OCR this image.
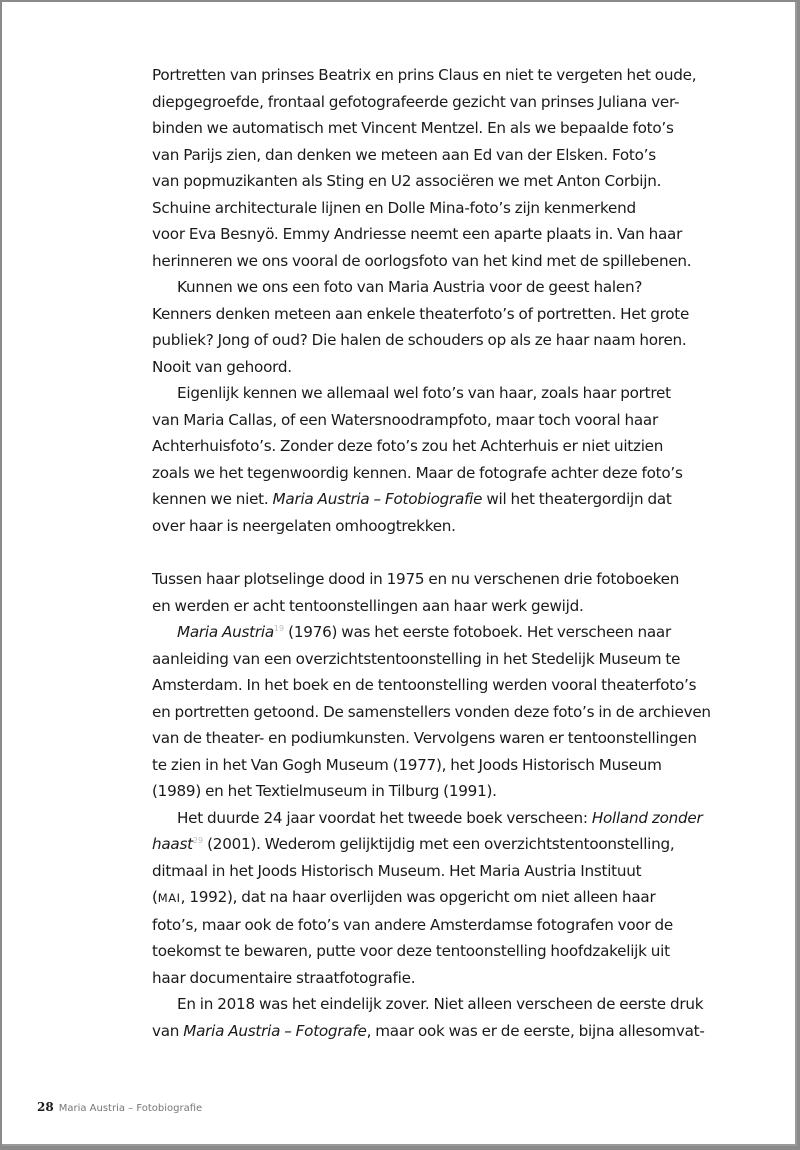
Portretten van prinses Beatrix en prins Claus en niet te vergeten het oude,
diepgegroefde, frontaal gefotografeerde gezicht van prinses Juliana ver-
binden we automatisch met Vincent Mentzel. En als we bepaalde foto’s
van Parijs zien, dan denken we meteen aan Ed van der Elsken. Foto’s
van popmuzikanten als Sting en U2 associëren we met Anton Corbijn.
Schuine architecturale lijnen en Dolle Mina-foto’s zijn kenmerkend
voor Eva Besnyö. Emmy Andriesse neemt een aparte plaats in. Van haar
herinneren we ons vooral de oorlogsfoto van het kind met de spillebenen.

Kunnen we ons een foto van Maria Austria voor de geest halen?
Kenners denken meteen aan enkele theaterfoto’s of portretten. Het grote
publiek? Jong of oud? Die halen de schouders op als ze haar naam horen.
Nooit van gehoord.

Eigenlijk kennen we allemaal wel foto’s van haar, zoals haar portret
van Maria Callas, of een Watersnoodrampfoto, maar toch vooral haar
Achterhuisfoto’s. Zonder deze foto’s zou het Achterhuis er niet uitzien
zoals we het tegenwoordig kennen. Maar de fotografe achter deze foto’s
kennen we niet. Maria Austria – Fotobiografie wil het theatergordijn dat
over haar is neergelaten omhoogtrekken.

Tussen haar plotselinge dood in 1975 en nu verschenen drie fotoboeken
en werden er acht tentoonstellingen aan haar werk gewijd.

Maria Austria$^{19}$ (1976) was het eerste fotoboek. Het verscheen naar
aanleiding van een overzichtstentoonstelling in het Stedelijk Museum te
Amsterdam. In het boek en de tentoonstelling werden vooral theaterfoto’s
en portretten getoond. De samenstellers vonden deze foto’s in de archieven
van de theater- en podiumkunsten. Vervolgens waren er tentoonstellingen
te zien in het Van Gogh Museum (1977), het Joods Historisch Museum
(1989) en het Textielmuseum in Tilburg (1991).

Het duurde 24 jaar voordat het tweede boek verscheen: Holland zonder
haast$^{29}$ (2001). Wederom gelijktijdig met een overzichtstentoonstelling,
ditmaal in het Joods Historisch Museum. Het Maria Austria Instituut
(MAI, 1992), dat na haar overlijden was opgericht om niet alleen haar
foto’s, maar ook de foto’s van andere Amsterdamse fotografen voor de
toekomst te bewaren, putte voor deze tentoonstelling hoofdzakelijk uit
haar documentaire straatfotografie.

En in 2018 was het eindelijk zover. Niet alleen verscheen de eerste druk
van Maria Austria – Fotografe, maar ook was er de eerste, bijna allesomvat-

28 Maria Austria – Fotobiografie
